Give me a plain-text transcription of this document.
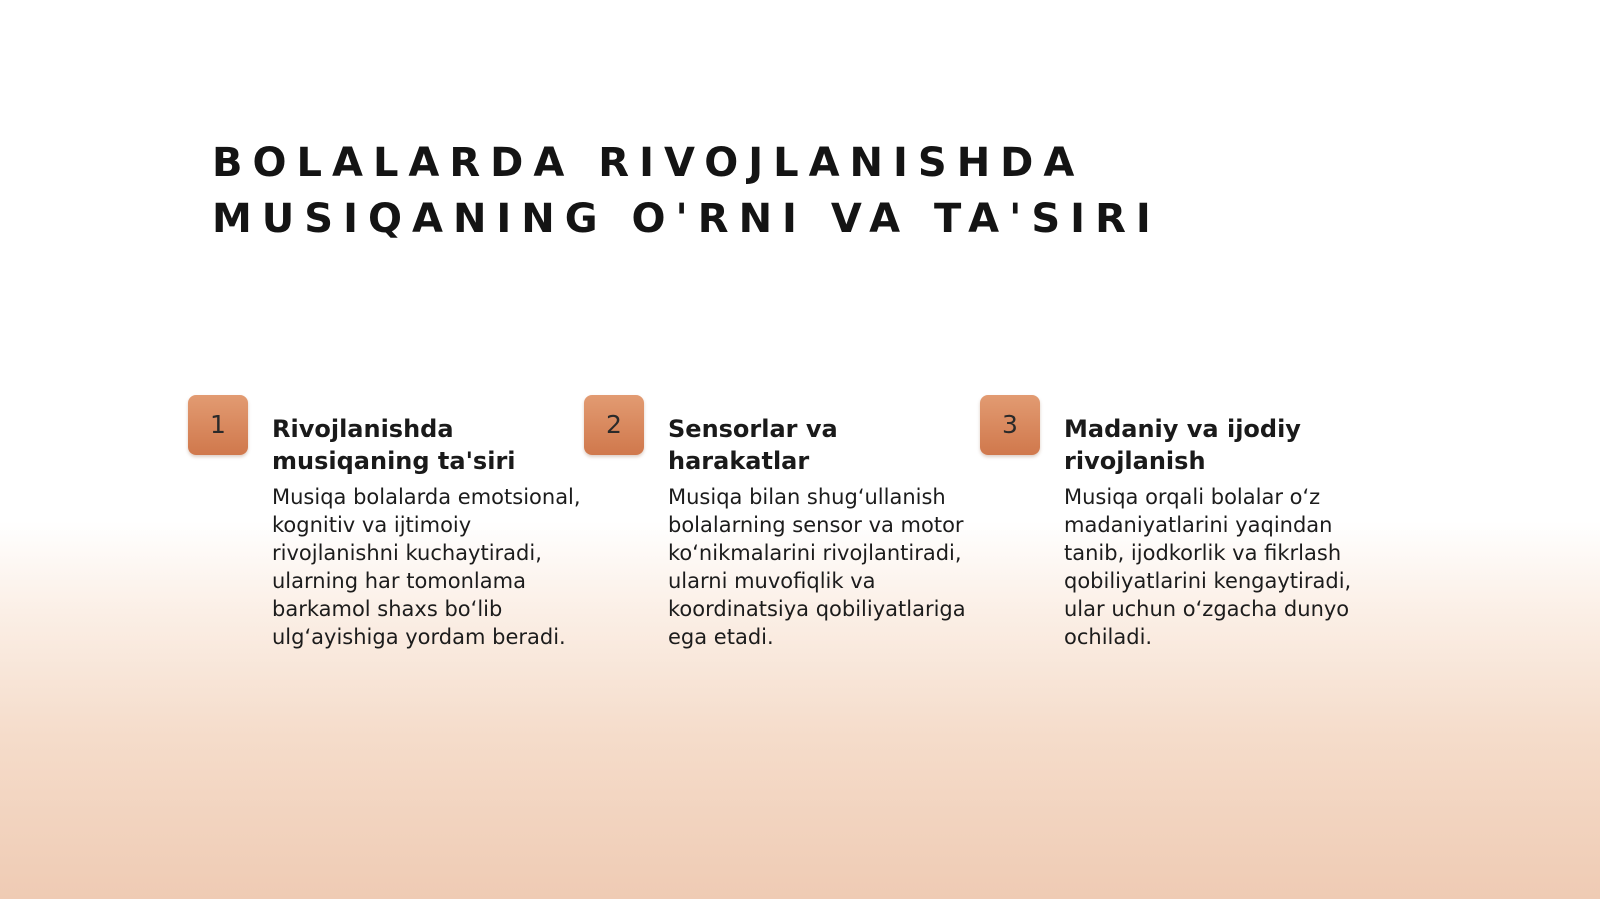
BOLALARDA RIVOJLANISHDA
MUSIQANING O'RNI VA TA'SIRI
1	Rivojlanishda
musiqaning ta'siri

Musiqa bolalarda emotsional,
kognitiv va ijtimoiy
rivojlanishni kuchaytiradi,
ularning har tomonlama
barkamol shaxs bo‘lib
ulg‘ayishiga yordam beradi.

2	Sensorlar va
harakatlar

Musiqa bilan shug‘ullanish
bolalarning sensor va motor
ko‘nikmalarini rivojlantiradi,
ularni muvofiqlik va
koordinatsiya qobiliyatlariga
ega etadi.

3	Madaniy va ijodiy
rivojlanish

Musiqa orqali bolalar o‘z
madaniyatlarini yaqindan
tanib, ijodkorlik va fikrlash
qobiliyatlarini kengaytiradi,
ular uchun o‘zgacha dunyo
ochiladi.
